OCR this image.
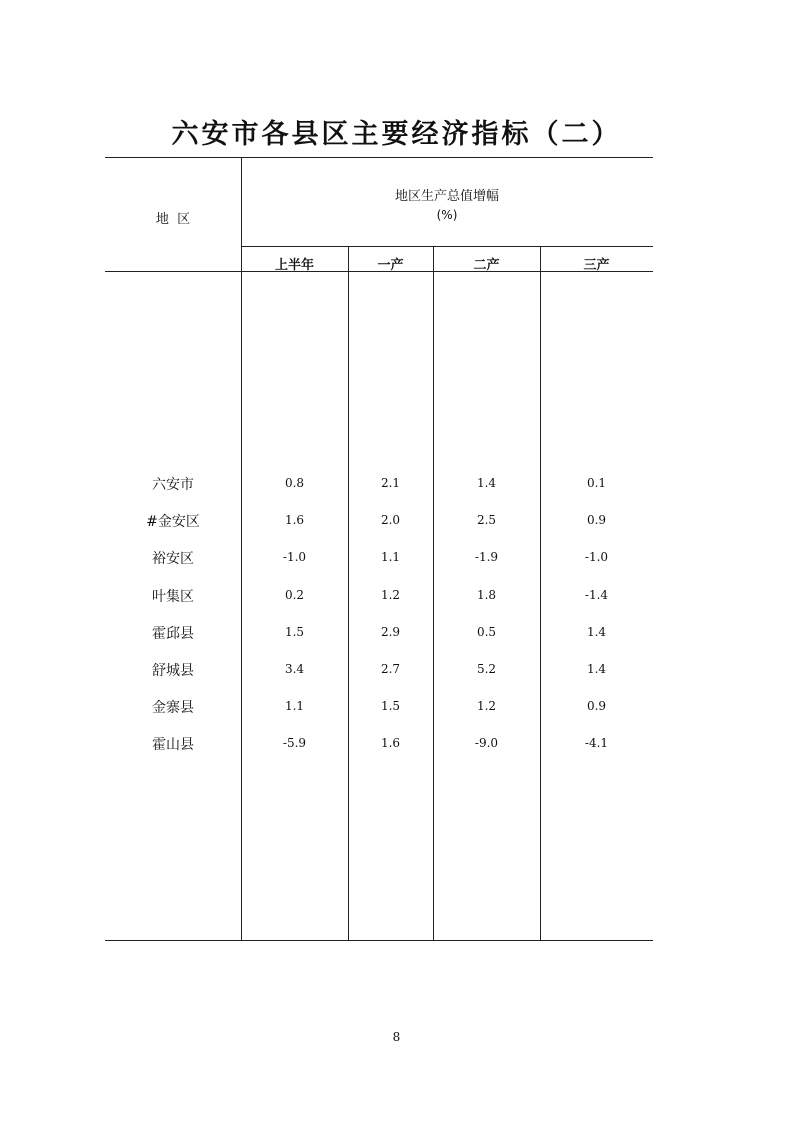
六安市各县区主要经济指标（二）
地  区
地区生产总值增幅
(%)
上半年	一产	二产	三产
六安市	0.8	2.1	1.4	0.1
#金安区	1.6	2.0	2.5	0.9
裕安区	-1.0	1.1	-1.9	-1.0
叶集区	0.2	1.2	1.8	-1.4
霍邱县	1.5	2.9	0.5	1.4
舒城县	3.4	2.7	5.2	1.4
金寨县	1.1	1.5	1.2	0.9
霍山县	-5.9	1.6	-9.0	-4.1
8
